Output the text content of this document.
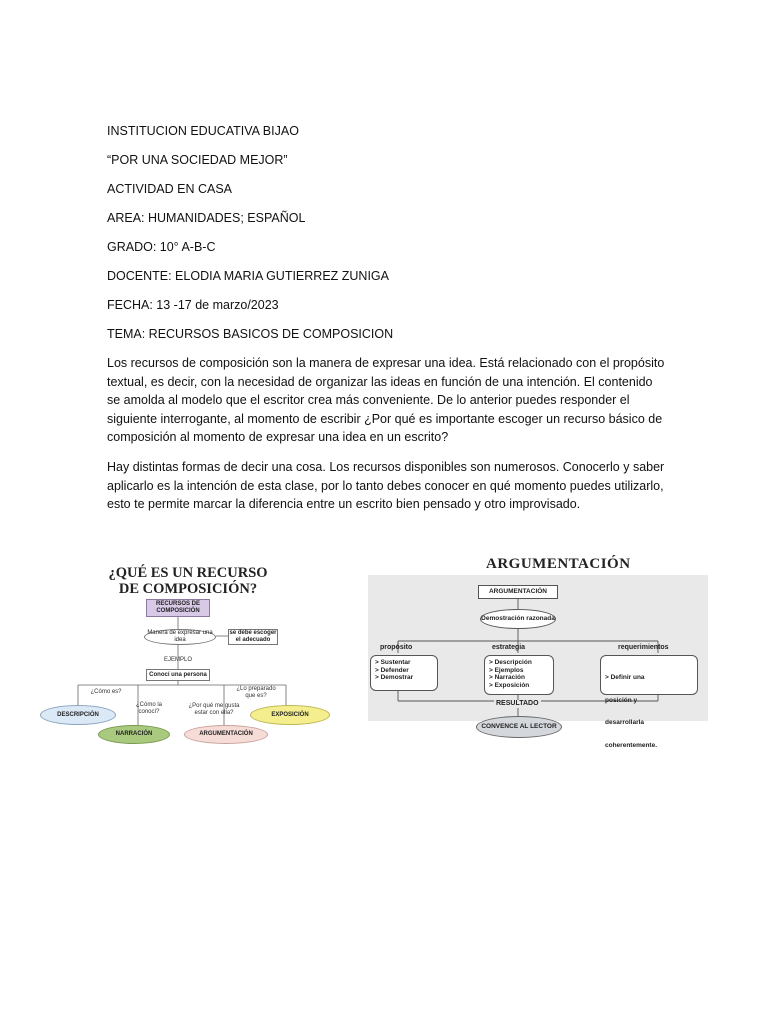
INSTITUCION EDUCATIVA BIJAO
“POR UNA SOCIEDAD MEJOR”
ACTIVIDAD EN CASA
AREA: HUMANIDADES; ESPAÑOL
GRADO: 10° A-B-C
DOCENTE: ELODIA MARIA GUTIERREZ ZUNIGA
FECHA: 13 -17 de marzo/2023
TEMA: RECURSOS BASICOS DE COMPOSICION

Los recursos de composición son la manera de expresar una idea. Está relacionado con el propósito textual, es decir, con la necesidad de organizar las ideas en función de una intención. El contenido se amolda al modelo que el escritor crea más conveniente. De lo anterior puedes responder el siguiente interrogante, al momento de escribir ¿Por qué es importante escoger un recurso básico de composición al momento de expresar una idea en un escrito?

Hay distintas formas de decir una cosa. Los recursos disponibles son numerosos. Conocerlo y saber aplicarlo es la intención de esta clase, por lo tanto debes conocer en qué momento puedes utilizarlo, esto te permite marcar la diferencia entre un escrito bien pensado y otro improvisado.

¿QUÉ ES UN RECURSO
DE COMPOSICIÓN?
RECURSOS DE COMPOSICIÓN
Manera de expresar una idea
se debe escoger el adecuado
EJEMPLO
Conocí una persona
¿Cómo es?
¿Cómo la conocí?
¿Por qué me gusta estar con ella?
¿Lo preparado que es?
DESCRIPCIÓN
NARRACIÓN	ARGUMENTACIÓN
EXPOSICIÓN
ARGUMENTACIÓN
ARGUMENTACIÓN
Demostración razonada
propósito	estrategia	requerimientos
> Sustentar
> Defender
> Demostrar
> Descripción
> Ejemplos
> Narración
> Exposición

> Definir una

posición y

desarrollarla

coherentemente.

RESULTADO
CONVENCE AL LECTOR
